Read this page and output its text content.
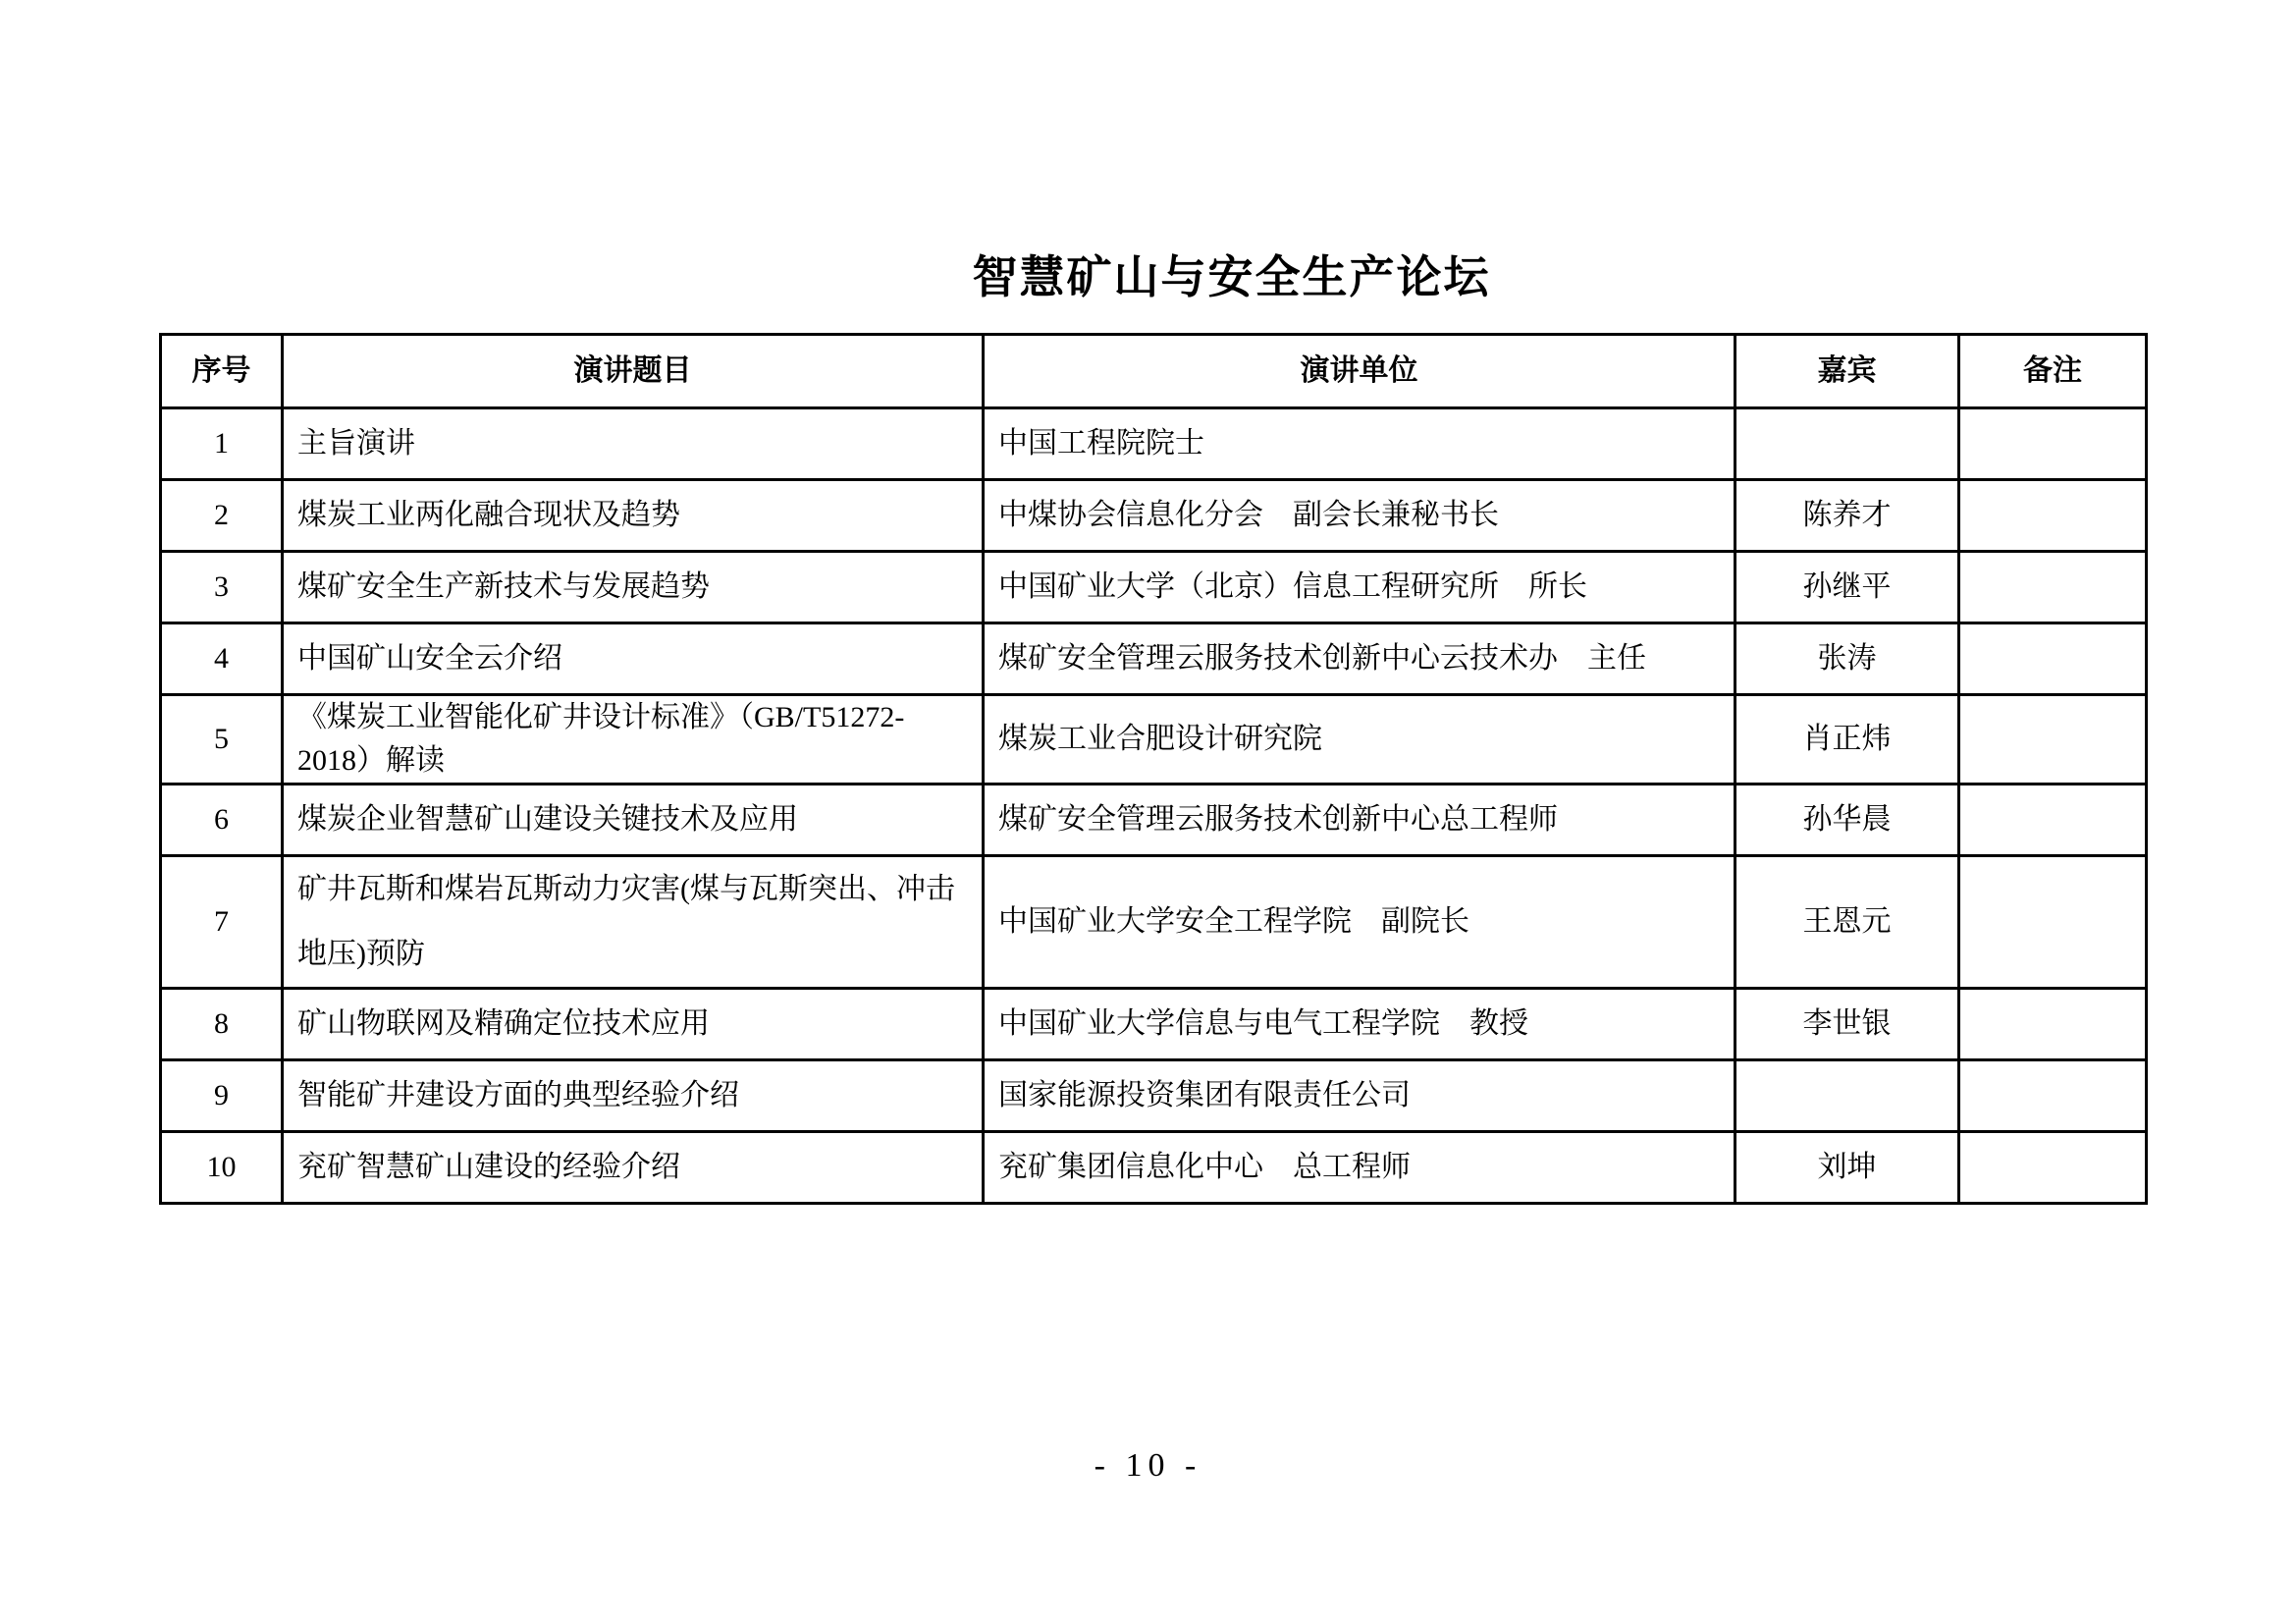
智慧矿山与安全生产论坛
序号	演讲题目	演讲单位	嘉宾	备注
1	主旨演讲	中国工程院院士		
2	煤炭工业两化融合现状及趋势	中煤协会信息化分会　副会长兼秘书长	陈养才	
3	煤矿安全生产新技术与发展趋势	中国矿业大学（北京）信息工程研究所　所长	孙继平	
4	中国矿山安全云介绍	煤矿安全管理云服务技术创新中心云技术办　主任	张涛	
5	《煤炭工业智能化矿井设计标准》（GB/T51272-2018）解读	煤炭工业合肥设计研究院	肖正炜	
6	煤炭企业智慧矿山建设关键技术及应用	煤矿安全管理云服务技术创新中心总工程师	孙华晨	
7	矿井瓦斯和煤岩瓦斯动力灾害(煤与瓦斯突出、冲击地压)预防	中国矿业大学安全工程学院　副院长	王恩元	
8	矿山物联网及精确定位技术应用	中国矿业大学信息与电气工程学院　教授	李世银	
9	智能矿井建设方面的典型经验介绍	国家能源投资集团有限责任公司		
10	兖矿智慧矿山建设的经验介绍	兖矿集团信息化中心　总工程师	刘坤	
- 10 -
